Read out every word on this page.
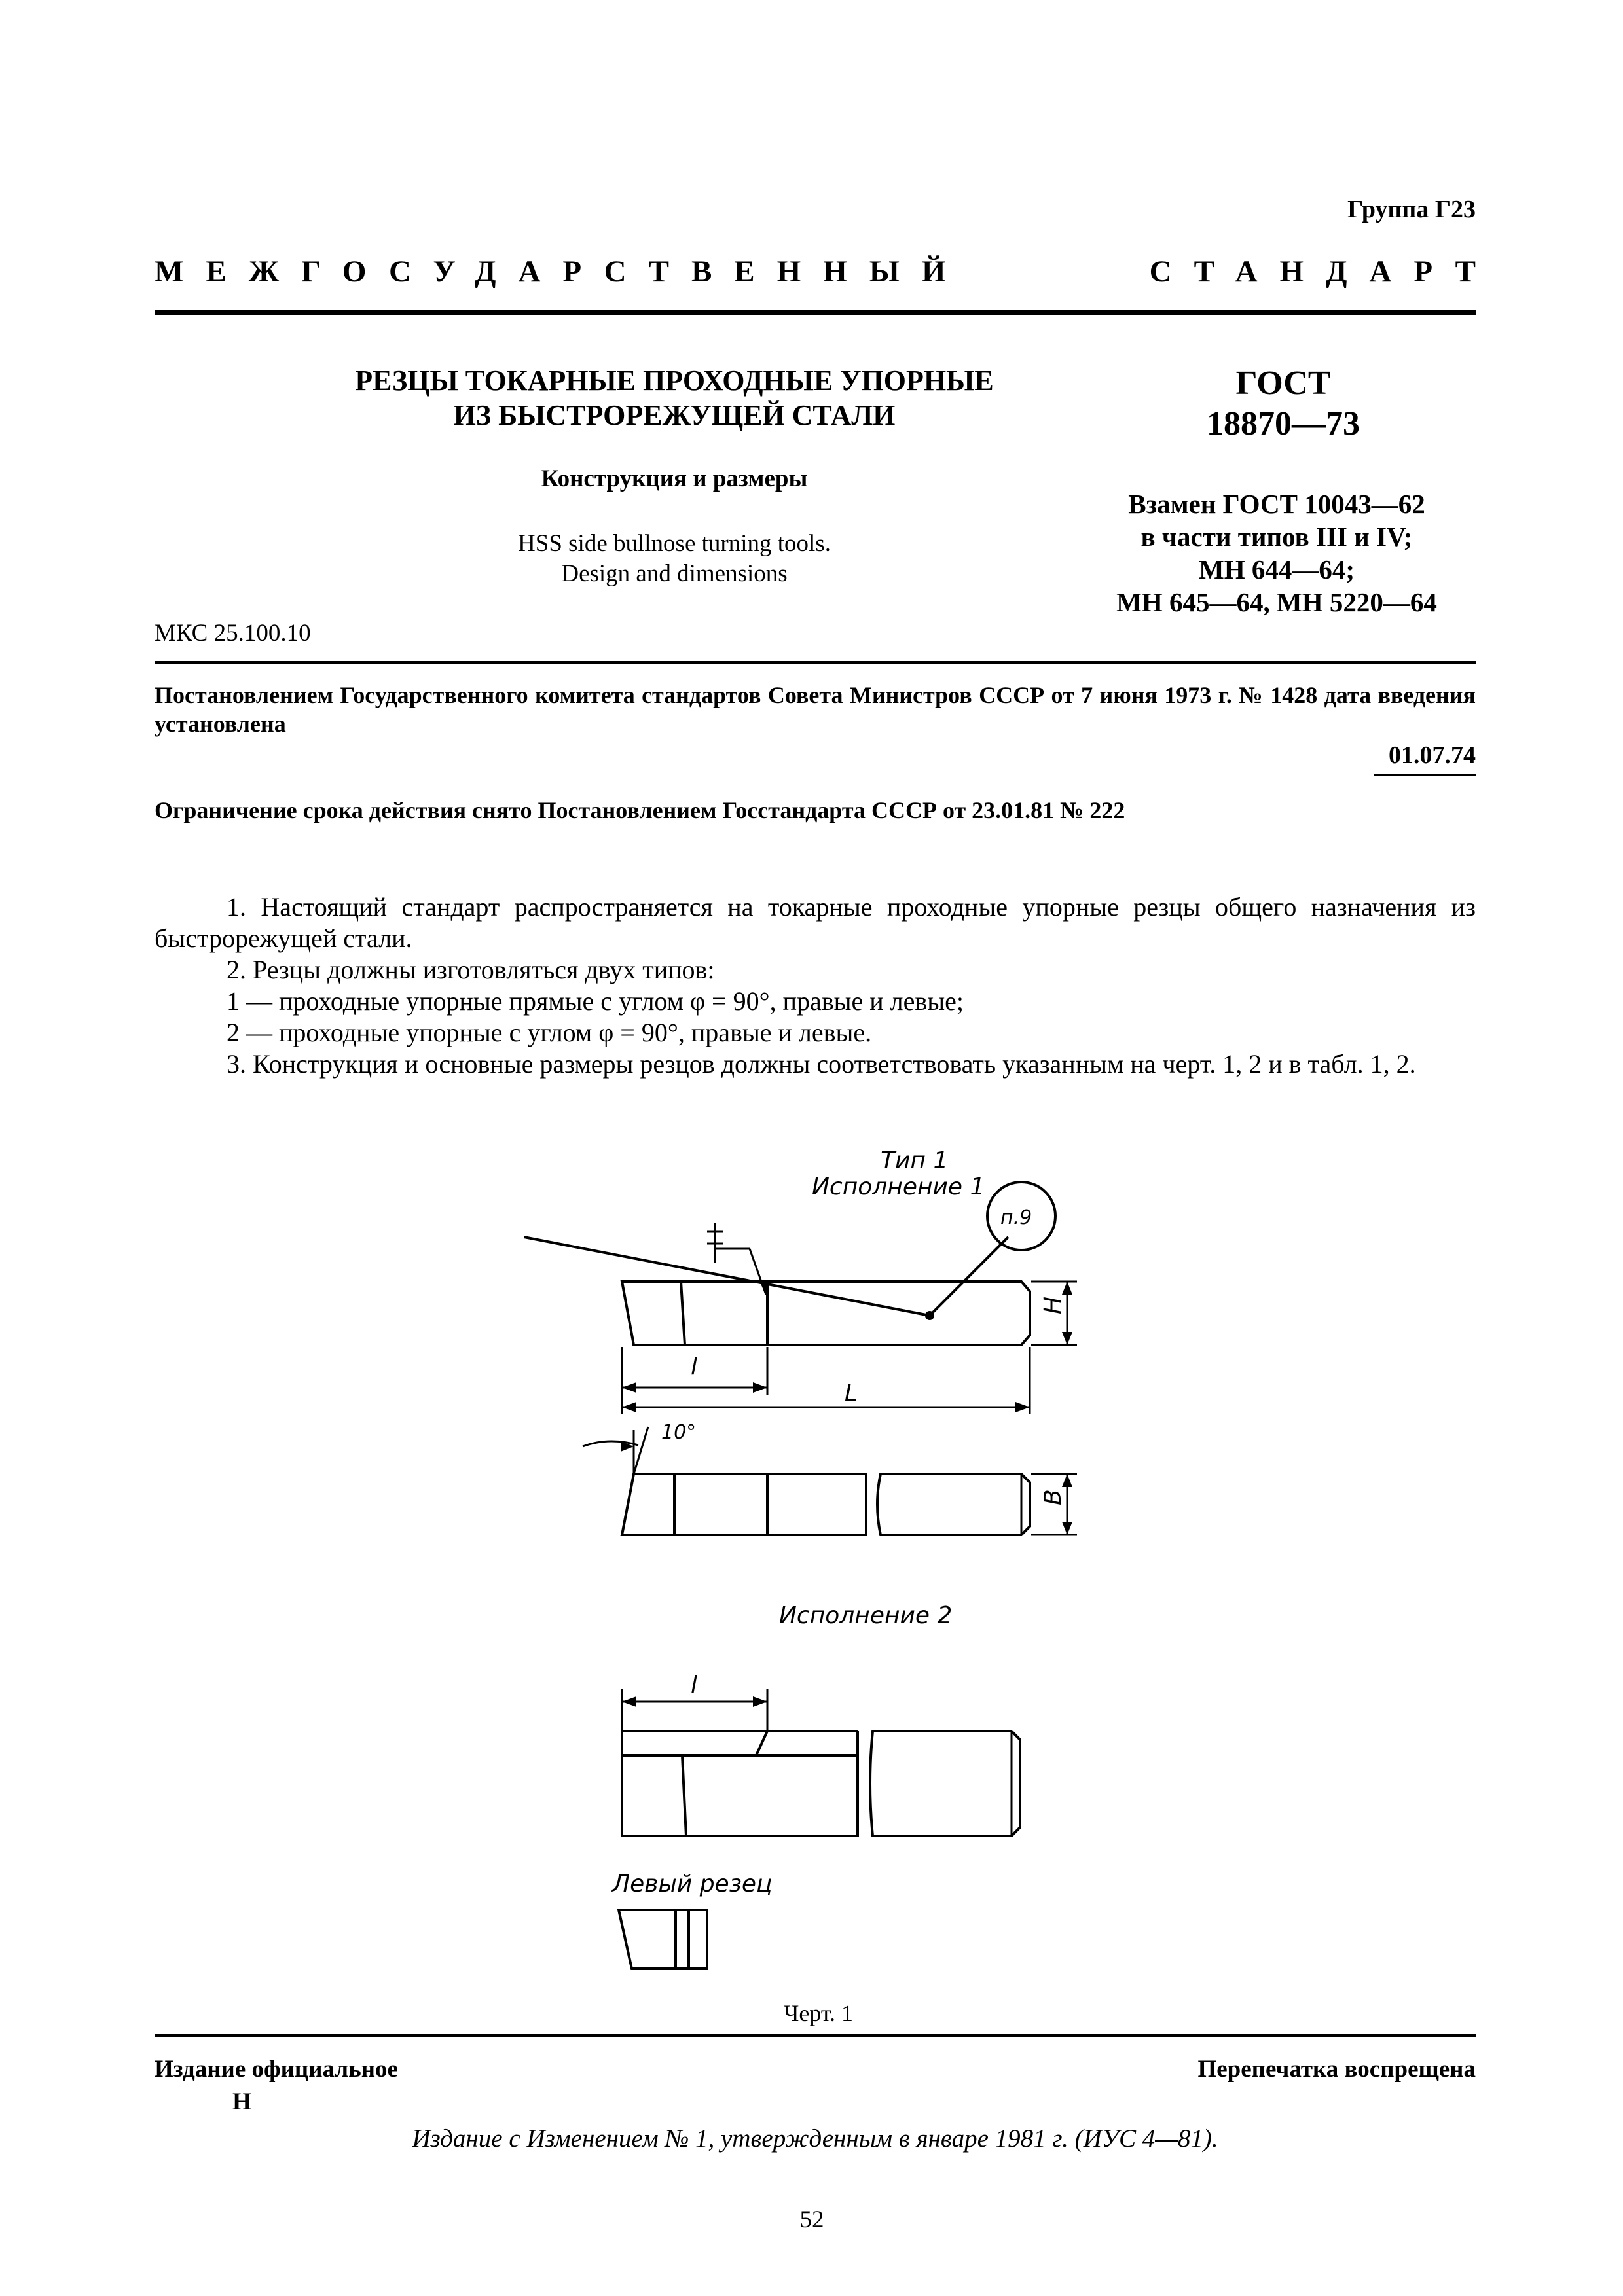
Группа Г23
МЕЖГОСУДАРСТВЕННЫЙ	СТАНДАРТ
РЕЗЦЫ ТОКАРНЫЕ ПРОХОДНЫЕ УПОРНЫЕ
ИЗ БЫСТРОРЕЖУЩЕЙ СТАЛИ
Конструкция и размеры
HSS side bullnose turning tools.
Design and dimensions
МКС 25.100.10
ГОСТ
18870—73
Взамен ГОСТ 10043—62
в части типов III и IV;
МН 644—64;
МН 645—64, МН 5220—64
Постановлением Государственного комитета стандартов Совета Министров СССР от 7 июня 1973 г. № 1428 дата введения установлена
01.07.74
Ограничение срока действия снято Постановлением Госстандарта СССР от 23.01.81 № 222

1. Настоящий стандарт распространяется на токарные проходные упорные резцы общего назначения из быстрорежущей стали.

2. Резцы должны изготовляться двух типов:

1 — проходные упорные прямые с углом φ = 90°, правые и левые;

2 — проходные упорные с углом φ = 90°, правые и левые.

3. Конструкция и основные размеры резцов должны соответствовать указанным на черт. 1, 2 и в табл. 1, 2.

Тип 1
Исполнение 1
п.9
H
l
L
10°
B
Исполнение 2
l
Левый резец
Черт. 1
Издание официальное
Н
Перепечатка воспрещена
Издание с Изменением № 1, утвержденным в январе 1981 г. (ИУС 4—81).
52
